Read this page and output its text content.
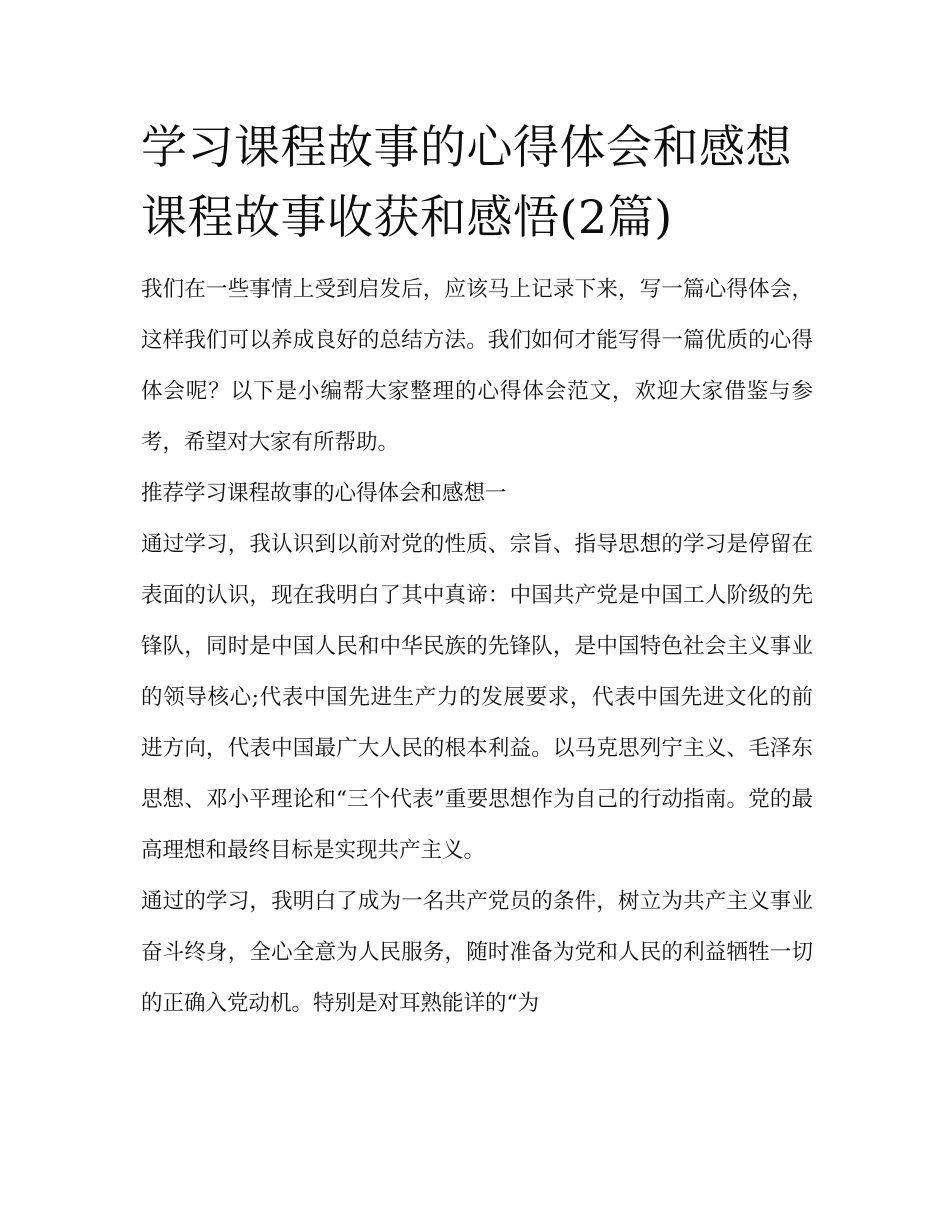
学习课程故事的心得体会和感想 课程故事收获和感悟(2篇)

我们在一些事情上受到启发后，应该马上记录下来，写一篇心得体会，这样我们可以养成良好的总结方法。我们如何才能写得一篇优质的心得体会呢？以下是小编帮大家整理的心得体会范文，欢迎大家借鉴与参考，希望对大家有所帮助。

推荐学习课程故事的心得体会和感想一

通过学习，我认识到以前对党的性质、宗旨、指导思想的学习是停留在表面的认识，现在我明白了其中真谛：中国共产党是中国工人阶级的先锋队，同时是中国人民和中华民族的先锋队，是中国特色社会主义事业的领导核心;代表中国先进生产力的发展要求，代表中国先进文化的前进方向，代表中国最广大人民的根本利益。以马克思列宁主义、毛泽东思想、邓小平理论和“三个代表”重要思想作为自己的行动指南。党的最高理想和最终目标是实现共产主义。

通过的学习，我明白了成为一名共产党员的条件，树立为共产主义事业奋斗终身，全心全意为人民服务，随时准备为党和人民的利益牺牲一切的正确入党动机。特别是对耳熟能详的“为
